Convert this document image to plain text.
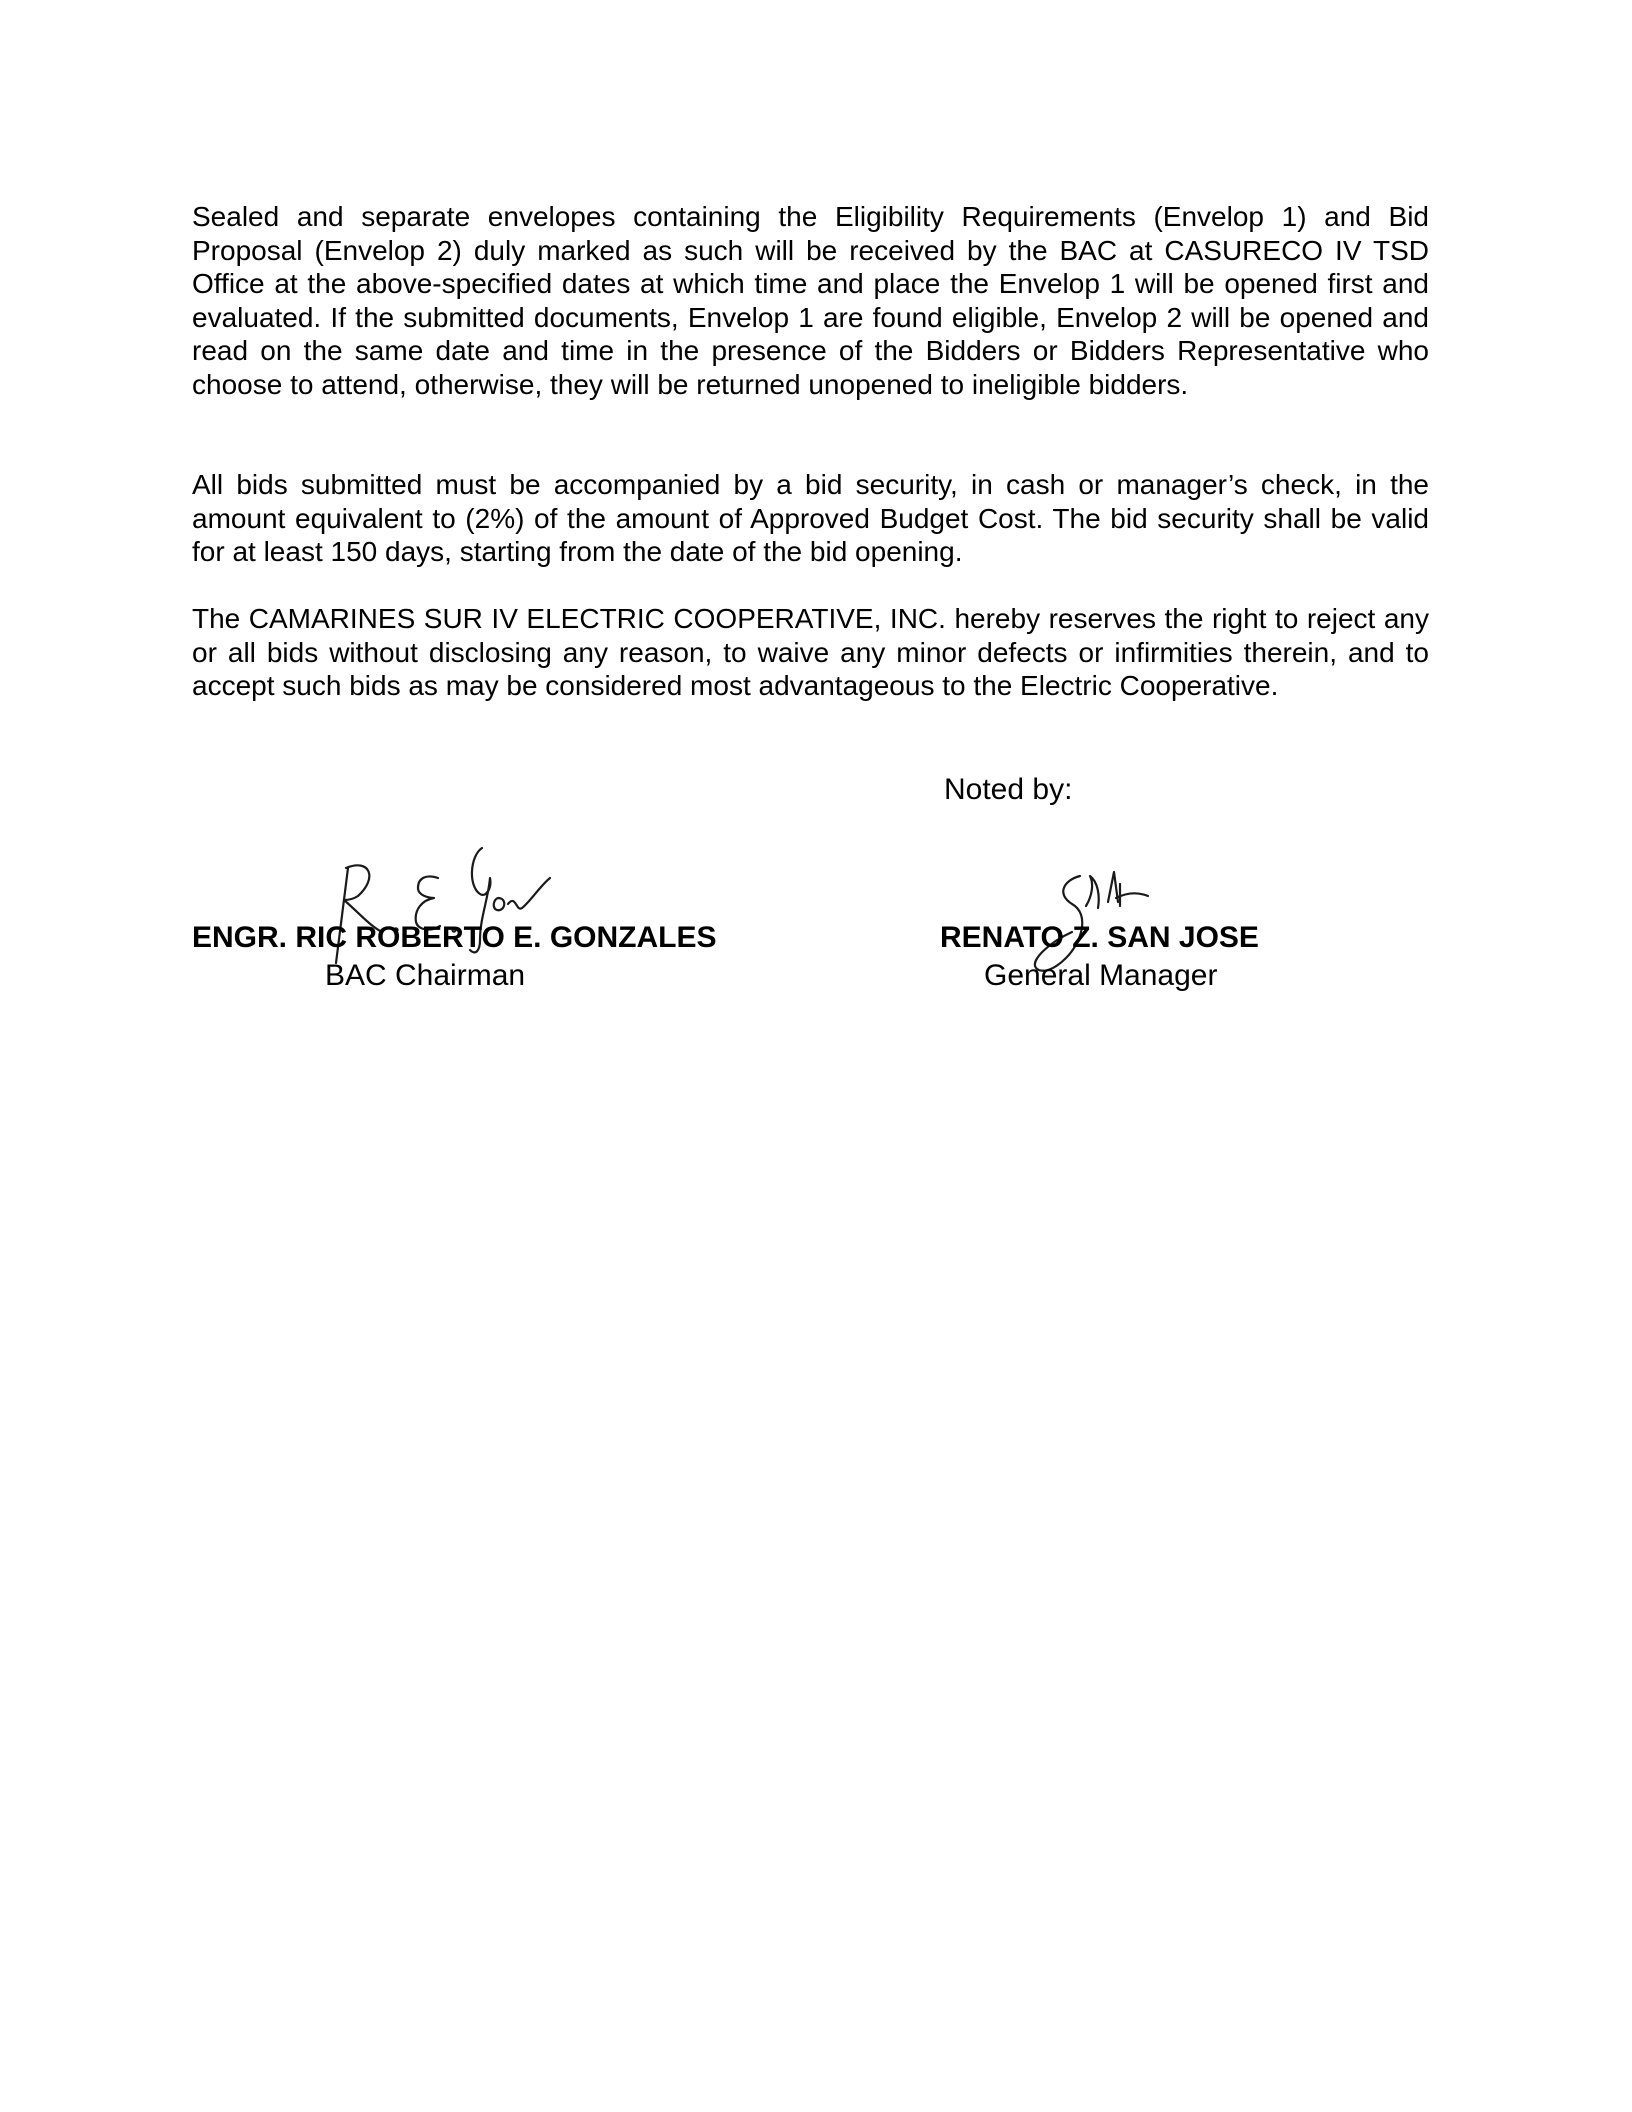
Sealed and separate envelopes containing the Eligibility Requirements (Envelop 1) and Bid Proposal (Envelop 2) duly marked as such will be received by the BAC at CASURECO IV TSD Office at the above-specified dates at which time and place the Envelop 1 will be opened first and evaluated. If the submitted documents, Envelop 1 are found eligible, Envelop 2 will be opened and read on the same date and time in the presence of the Bidders or Bidders Representative who choose to attend, otherwise, they will be returned unopened to ineligible bidders.

All bids submitted must be accompanied by a bid security, in cash or manager’s check, in the amount equivalent to (2%) of the amount of Approved Budget Cost. The bid security shall be valid for at least 150 days, starting from the date of the bid opening.

The CAMARINES SUR IV ELECTRIC COOPERATIVE, INC. hereby reserves the right to reject any or all bids without disclosing any reason, to waive any minor defects or infirmities therein, and to accept such bids as may be considered most advantageous to the Electric Cooperative.

Noted by:

ENGR. RIC ROBERTO E. GONZALES

BAC Chairman

RENATO Z. SAN JOSE

General Manager
